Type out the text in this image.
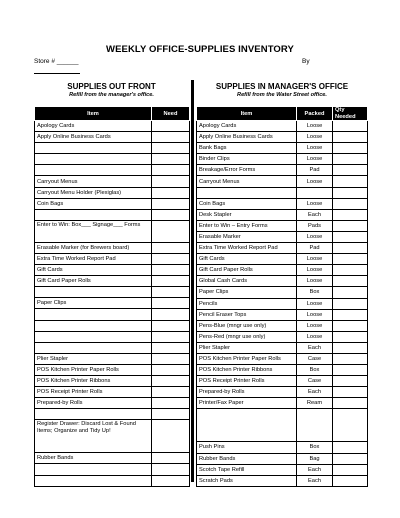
WEEKLY OFFICE-SUPPLIES INVENTORY
Store # ______	By
SUPPLIES OUT FRONT
Refill from the manager's office.
SUPPLIES IN MANAGER'S OFFICE
Refill from the Water Street office.
Item	Need
Apology Cards	
Apply Online Business Cards	

Carryout Menus	
Carryout Menu Holder (Plexiglas)	
Coin Bags	

Enter to Win: Box___ Signage___ Forms	
Erasable Marker (for Brewers board)	
Extra Time Worked Report Pad	
Gift Cards	
Gift Card Paper Rolls	

Paper Clips	

Plier Stapler	
POS Kitchen Printer Paper Rolls	
POS Kitchen Printer Ribbons	
POS Receipt Printer Rolls	
Prepared-by Rolls	

Register Drawer: Discard Lost & Found Items; Organize and Tidy Up!	
Rubber Bands	

Item	Packed	Qty Needed
Apology Cards	Loose	
Apply Online Business Cards	Loose	
Bank Bags	Loose	
Binder Clips	Loose	
Breakage/Error Forms	Pad	
Carryout Menus	Loose	

Coin Bags	Loose	
Desk Stapler	Each	
Enter to Win – Entry Forms	Pads	
Erasable Marker	Loose	
Extra Time Worked Report Pad	Pad	
Gift Cards	Loose	
Gift Card Paper Rolls	Loose	
Global Cash Cards	Loose	
Paper Clips	Box	
Pencils	Loose	
Pencil Eraser Tops	Loose	
Pens-Blue (mngr use only)	Loose	
Pens-Red (mngr use only)	Loose	
Plier Stapler	Each	
POS Kitchen Printer Paper Rolls	Case	
POS Kitchen Printer Ribbons	Box	
POS Receipt Printer Rolls	Case	
Prepared-by Rolls	Each	
Printer/Fax Paper	Ream	

Push Pins	Box	
Rubber Bands	Bag	
Scotch Tape Refill	Each	
Scratch Pads	Each	
